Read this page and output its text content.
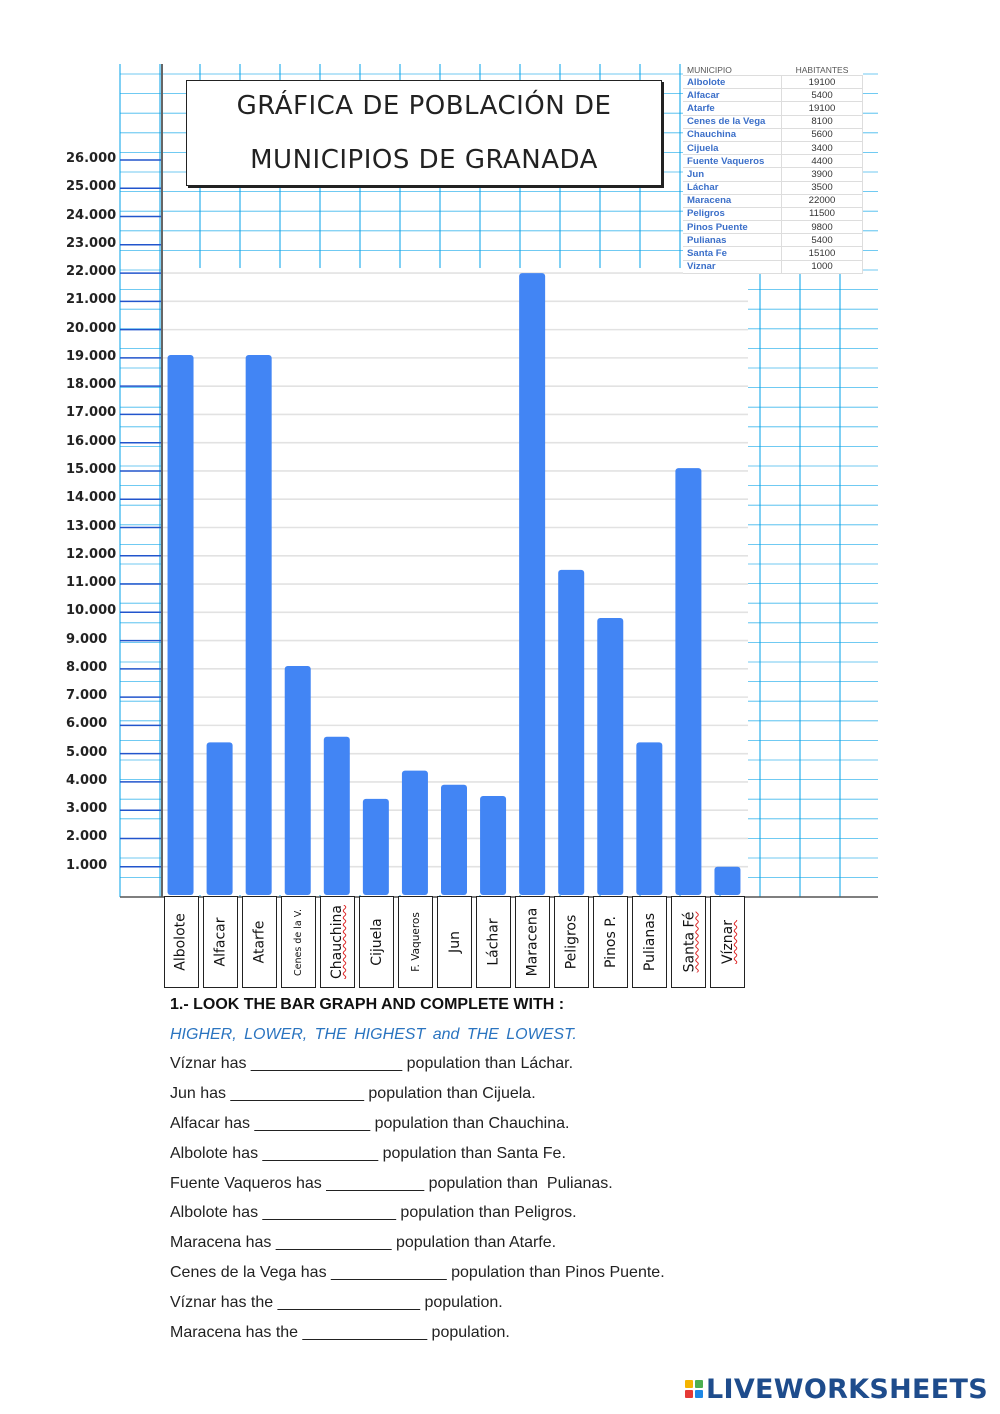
GRÁFICA DE POBLACIÓN DE
MUNICIPIOS DE GRANADA
MUNICIPIO	HABITANTES
Albolote	19100
Alfacar	5400
Atarfe	19100
Cenes de la Vega	8100
Chauchina	5600
Cijuela	3400
Fuente Vaqueros	4400
Jun	3900
Láchar	3500
Maracena	22000
Peligros	11500
Pinos Puente	9800
Pulianas	5400
Santa Fe	15100
Viznar	1000
1.000
2.000
3.000
4.000
5.000
6.000
7.000
8.000
9.000
10.000
11.000
12.000
13.000
14.000
15.000
16.000
17.000
18.000
19.000
20.000
21.000
22.000
23.000
24.000
25.000
26.000
Albolote Alfacar Atarfe	Cenes de la V. Chauchina Cijuela F. Vaqueros Jun Láchar Maracena Peligros Pinos P. Pulianas Santa Fé Víznar
1.- LOOK THE BAR GRAPH AND COMPLETE WITH :
HIGHER, LOWER, THE HIGHEST and THE LOWEST.
Víznar has _________________ population than Láchar.
Jun has _______________ population than Cijuela.
Alfacar has _____________ population than Chauchina.
Albolote has _____________ population than Santa Fe.
Fuente Vaqueros has ___________ population than  Pulianas.
Albolote has _______________ population than Peligros.
Maracena has _____________ population than Atarfe.
Cenes de la Vega has _____________ population than Pinos Puente.
Víznar has the ________________ population.
Maracena has the ______________ population.
LIVEWORKSHEETS
